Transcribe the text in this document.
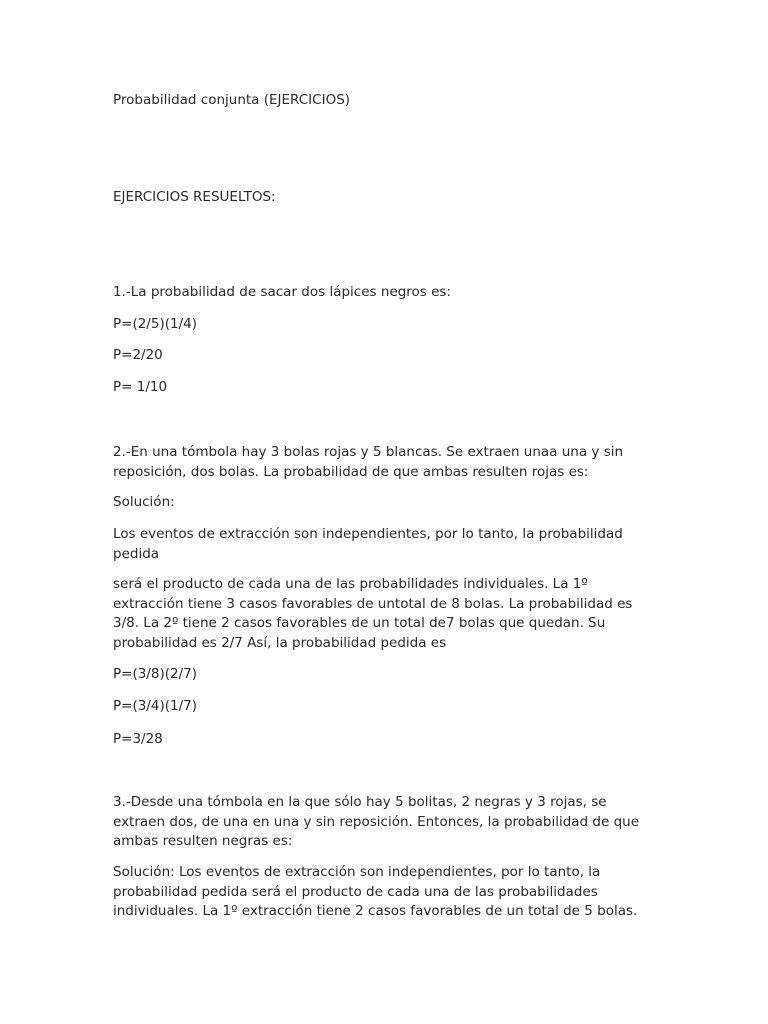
Probabilidad conjunta (EJERCICIOS)

EJERCICIOS RESUELTOS:

1.-La probabilidad de sacar dos lápices negros es:

P=(2/5)(1/4)

P=2/20

P= 1/10

2.-En una tómbola hay 3 bolas rojas y 5 blancas. Se extraen unaa una y sin reposición, dos bolas. La probabilidad de que ambas resulten rojas es:

Solución:

Los eventos de extracción son independientes, por lo tanto, la probabilidad pedida

será el producto de cada una de las probabilidades individuales. La 1º extracción tiene 3 casos favorables de untotal de 8 bolas. La probabilidad es 3/8. La 2º tiene 2 casos favorables de un total de7 bolas que quedan. Su probabilidad es 2/7 Así, la probabilidad pedida es

P=(3/8)(2/7)

P=(3/4)(1/7)

P=3/28

3.-Desde una tómbola en la que sólo hay 5 bolitas, 2 negras y 3 rojas, se extraen dos, de una en una y sin reposición. Entonces, la probabilidad de que ambas resulten negras es:

Solución: Los eventos de extracción son independientes, por lo tanto, la probabilidad pedida será el producto de cada una de las probabilidades individuales. La 1º extracción tiene 2 casos favorables de un total de 5 bolas.
